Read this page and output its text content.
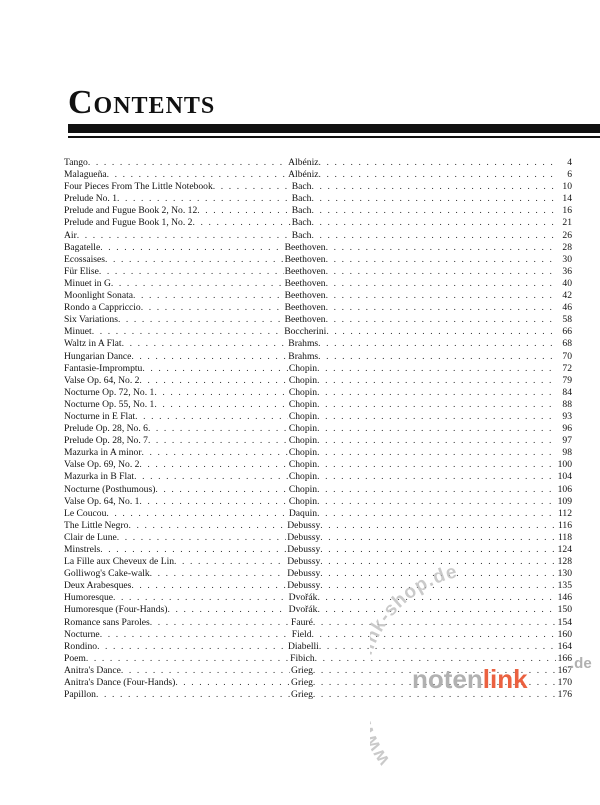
Contents
Tango . . .	Albéniz . . .	4
Malagueña . . .	Albéniz . . .	6
Four Pieces From The Little Notebook . . .	Bach . . .	10
Prelude No. 1 . . .	Bach . . .	14
Prelude and Fugue Book 2, No. 12 . . .	Bach . . .	16
Prelude and Fugue Book 1, No. 2 . . .	Bach . . .	21
Air . . .	Bach . . .	26
Bagatelle . . .	Beethoven . . .	28
Ecossaises . . .	Beethoven . . .	30
Für Elise . . .	Beethoven . . .	36
Minuet in G . . .	Beethoven . . .	40
Moonlight Sonata . . .	Beethoven . . .	42
Rondo a Cappriccio . . .	Beethoven . . .	46
Six Variations . . .	Beethoven . . .	58
Minuet . . .	Boccherini . . .	66
Waltz in A Flat . . .	Brahms . . .	68
Hungarian Dance . . .	Brahms . . .	70
Fantasie-Impromptu . . .	Chopin . . .	72
Valse Op. 64, No. 2 . . .	Chopin . . .	79
Nocturne Op. 72, No. 1 . . .	Chopin . . .	84
Nocturne Op. 55, No. 1 . . .	Chopin . . .	88
Nocturne in E Flat . . .	Chopin . . .	93
Prelude Op. 28, No. 6 . . .	Chopin . . .	96
Prelude Op. 28, No. 7 . . .	Chopin . . .	97
Mazurka in A minor . . .	Chopin . . .	98
Valse Op. 69, No. 2 . . .	Chopin . . .	100
Mazurka in B Flat . . .	Chopin . . .	104
Nocturne (Posthumous) . . .	Chopin . . .	106
Valse Op. 64, No. 1 . . .	Chopin . . .	109
Le Coucou . . .	Daquin . . .	112
The Little Negro . . .	Debussy . . .	116
Clair de Lune . . .	Debussy . . .	118
Minstrels . . .	Debussy . . .	124
La Fille aux Cheveux de Lin . . .	Debussy . . .	128
Golliwog's Cake-walk . . .	Debussy . . .	130
Deux Arabesques . . .	Debussy . . .	135
Humoresque . . .	Dvořák . . .	146
Humoresque (Four-Hands) . . .	Dvořák . . .	150
Romance sans Paroles . . .	Fauré . . .	154
Nocturne . . .	Field . . .	160
Rondino . . .	Diabelli . . .	164
Poem . . .	Fibich . . .	166
Anitra's Dance . . .	Grieg . . .	167
Anitra's Dance (Four-Hands) . . .	Grieg . . .	170
Papillon . . .	Grieg . . .	176
w -shop.de
notenlink
.de
